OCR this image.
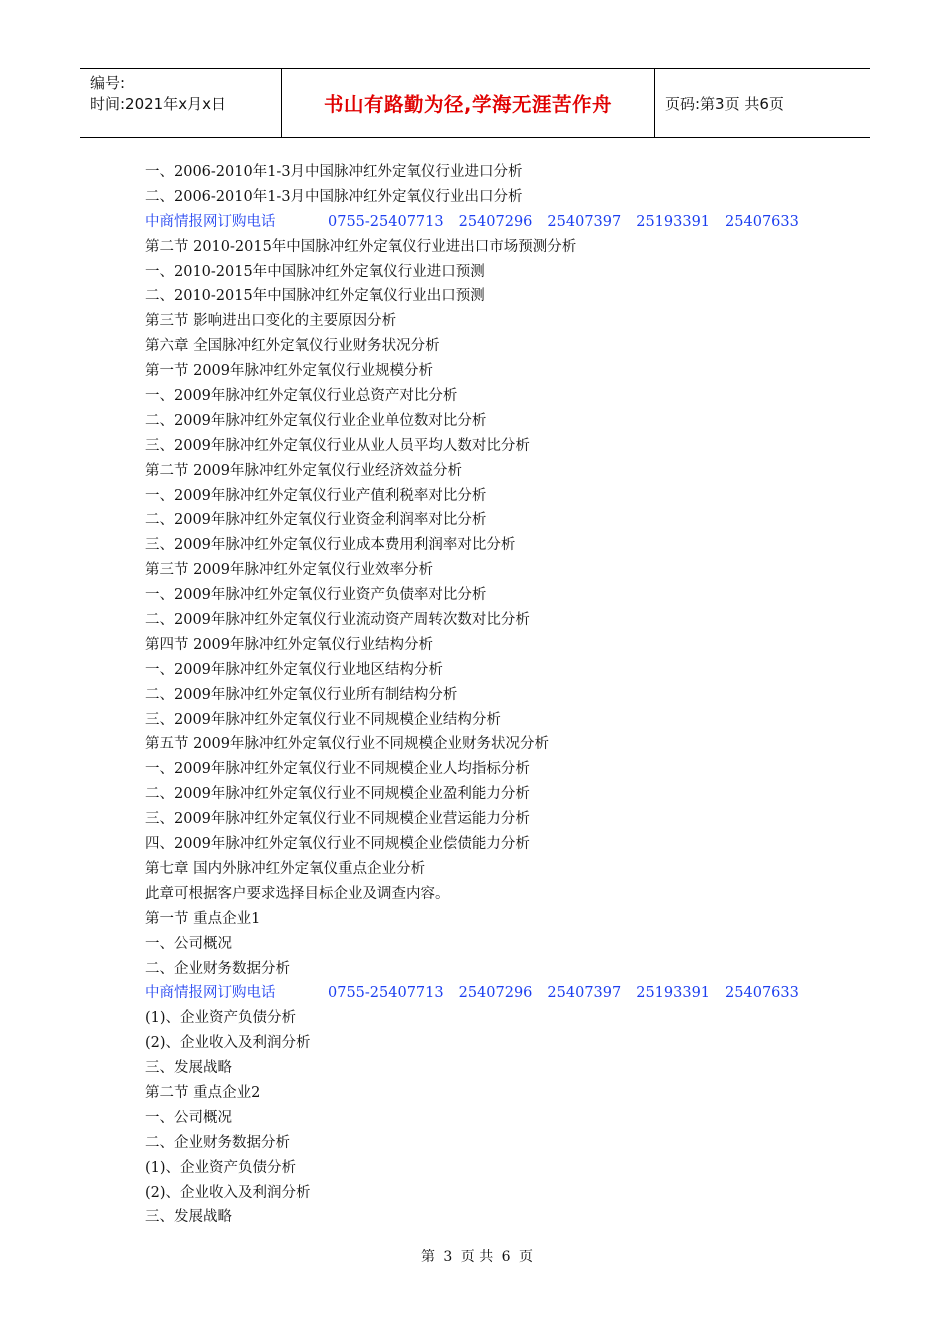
编号:
时间:2021年x月x日	书山有路勤为径,学海无涯苦作舟	页码:第3页 共6页
一、2006-2010年1-3月中国脉冲红外定氧仪行业进口分析
二、2006-2010年1-3月中国脉冲红外定氧仪行业出口分析
中商情报网订购电话	0755-25407713 25407296 25407397 25193391 25407633
第二节 2010-2015年中国脉冲红外定氧仪行业进出口市场预测分析
一、2010-2015年中国脉冲红外定氧仪行业进口预测
二、2010-2015年中国脉冲红外定氧仪行业出口预测
第三节 影响进出口变化的主要原因分析
第六章 全国脉冲红外定氧仪行业财务状况分析
第一节 2009年脉冲红外定氧仪行业规模分析
一、2009年脉冲红外定氧仪行业总资产对比分析
二、2009年脉冲红外定氧仪行业企业单位数对比分析
三、2009年脉冲红外定氧仪行业从业人员平均人数对比分析
第二节 2009年脉冲红外定氧仪行业经济效益分析
一、2009年脉冲红外定氧仪行业产值利税率对比分析
二、2009年脉冲红外定氧仪行业资金利润率对比分析
三、2009年脉冲红外定氧仪行业成本费用利润率对比分析
第三节 2009年脉冲红外定氧仪行业效率分析
一、2009年脉冲红外定氧仪行业资产负债率对比分析
二、2009年脉冲红外定氧仪行业流动资产周转次数对比分析
第四节 2009年脉冲红外定氧仪行业结构分析
一、2009年脉冲红外定氧仪行业地区结构分析
二、2009年脉冲红外定氧仪行业所有制结构分析
三、2009年脉冲红外定氧仪行业不同规模企业结构分析
第五节 2009年脉冲红外定氧仪行业不同规模企业财务状况分析
一、2009年脉冲红外定氧仪行业不同规模企业人均指标分析
二、2009年脉冲红外定氧仪行业不同规模企业盈利能力分析
三、2009年脉冲红外定氧仪行业不同规模企业营运能力分析
四、2009年脉冲红外定氧仪行业不同规模企业偿债能力分析
第七章 国内外脉冲红外定氧仪重点企业分析
此章可根据客户要求选择目标企业及调查内容。
第一节 重点企业1
一、公司概况
二、企业财务数据分析
中商情报网订购电话	0755-25407713 25407296 25407397 25193391 25407633
(1)、企业资产负债分析
(2)、企业收入及利润分析
三、发展战略
第二节 重点企业2
一、公司概况
二、企业财务数据分析
(1)、企业资产负债分析
(2)、企业收入及利润分析
三、发展战略
第 3 页 共 6 页
